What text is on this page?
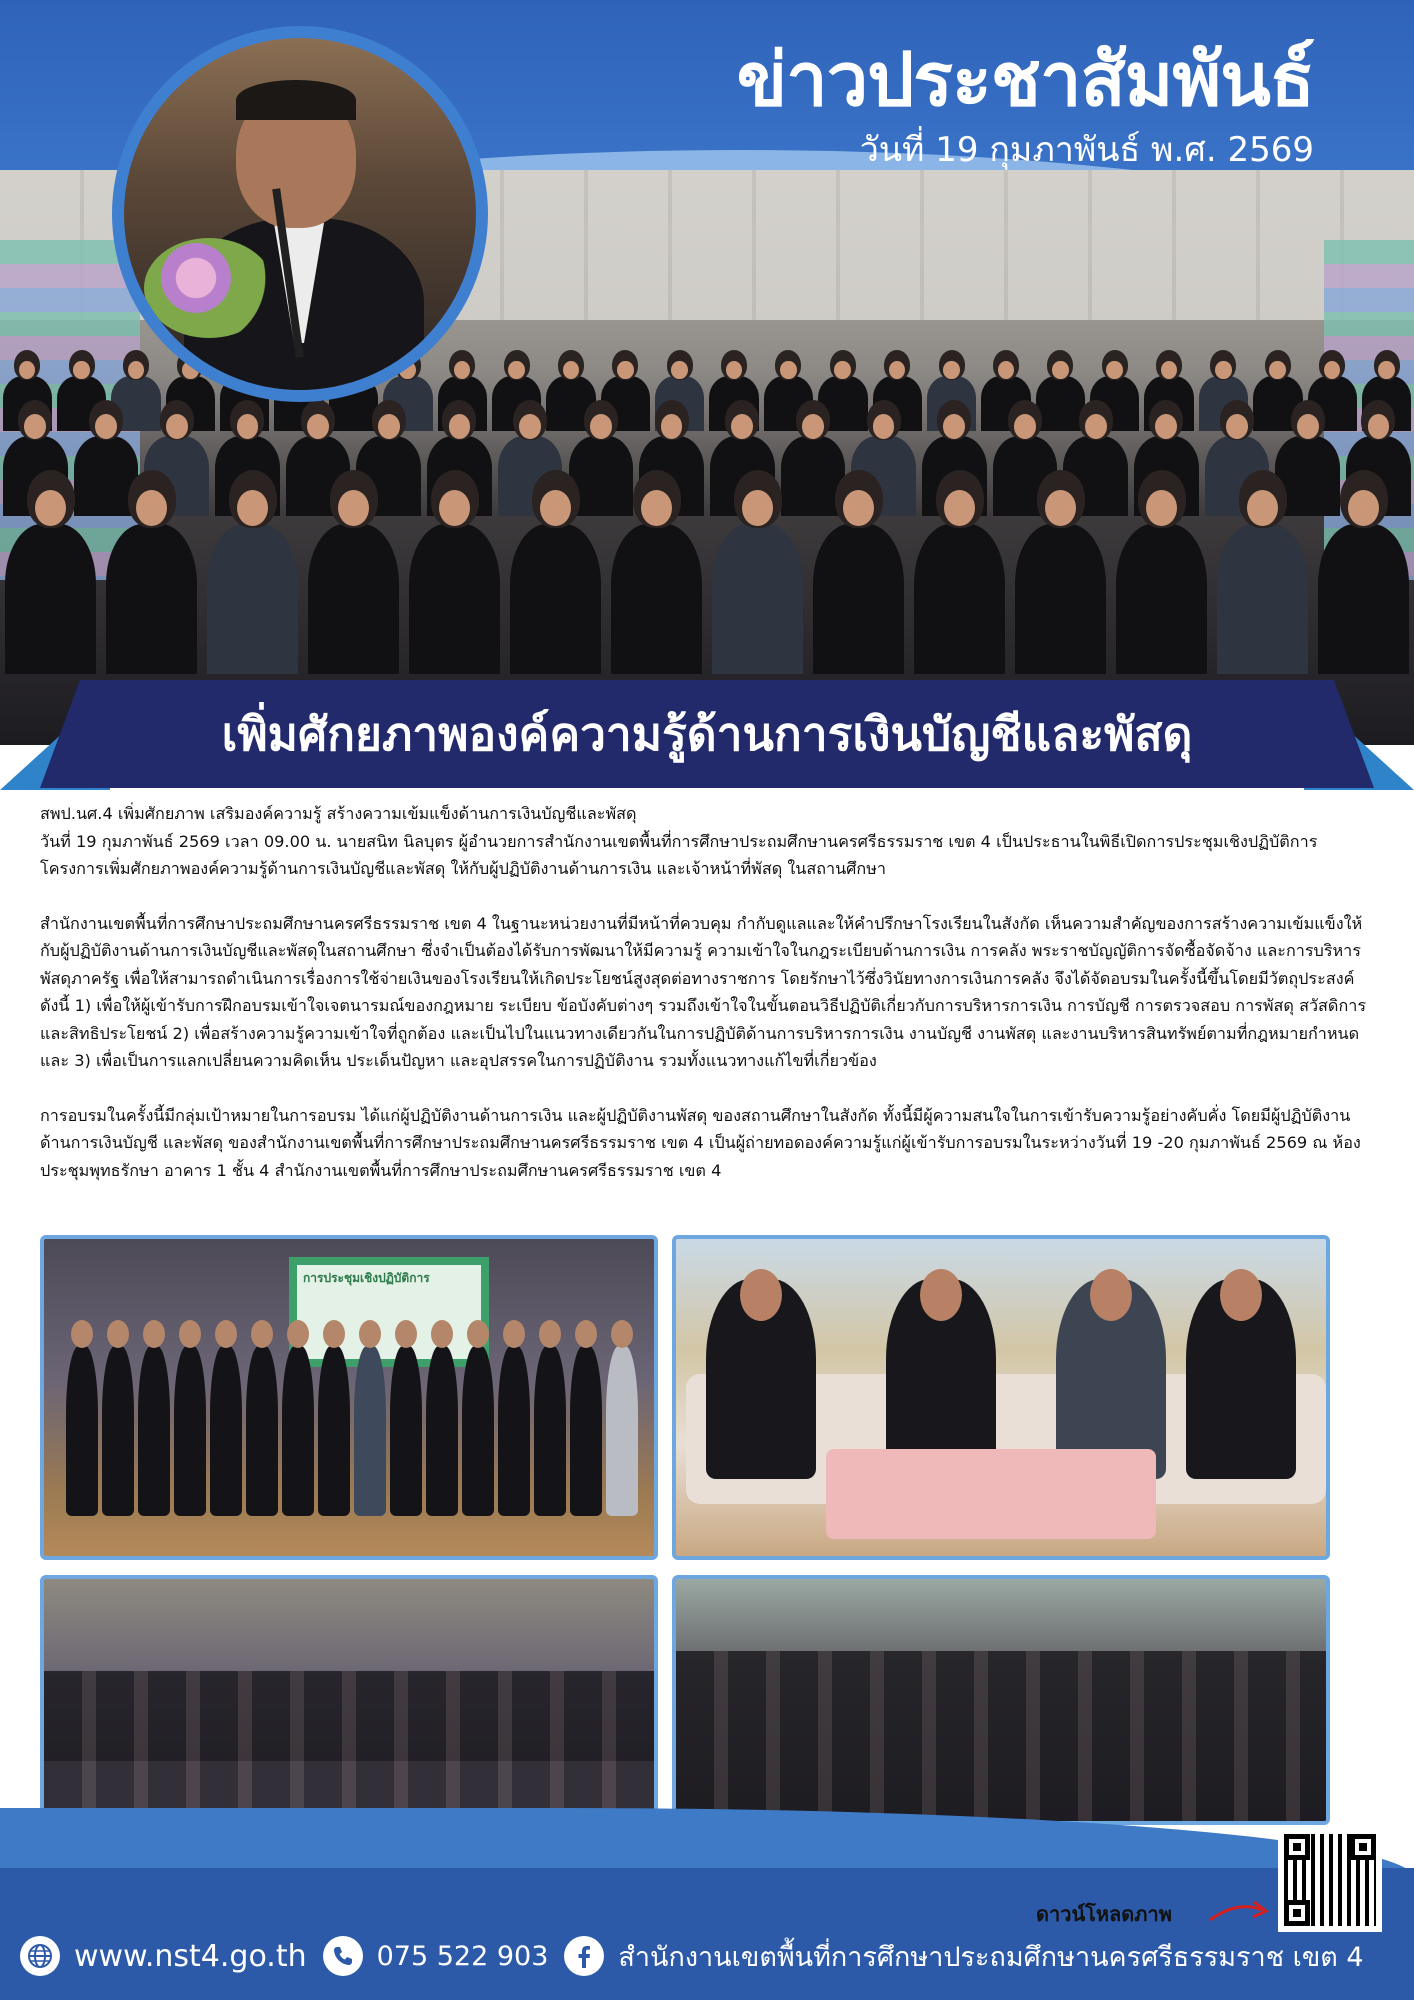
ข่าวประชาสัมพันธ์
วันที่ 19 กุมภาพันธ์ พ.ศ. 2569
เพิ่มศักยภาพองค์ความรู้ด้านการเงินบัญชีและพัสดุ

สพป.นศ.4 เพิ่มศักยภาพ เสริมองค์ความรู้ สร้างความเข้มแข็งด้านการเงินบัญชีและพัสดุ

วันที่ 19 กุมภาพันธ์ 2569 เวลา 09.00 น. นายสนิท นิลบุตร ผู้อำนวยการสำนักงานเขตพื้นที่การศึกษาประถมศึกษานครศรีธรรมราช เขต 4 เป็นประธานในพิธีเปิดการประชุมเชิงปฏิบัติการโครงการเพิ่มศักยภาพองค์ความรู้ด้านการเงินบัญชีและพัสดุ ให้กับผู้ปฏิบัติงานด้านการเงิน และเจ้าหน้าที่พัสดุ ในสถานศึกษา

สำนักงานเขตพื้นที่การศึกษาประถมศึกษานครศรีธรรมราช เขต 4 ในฐานะหน่วยงานที่มีหน้าที่ควบคุม กำกับดูแลและให้คำปรึกษาโรงเรียนในสังกัด เห็นความสำคัญของการสร้างความเข้มแข็งให้กับผู้ปฏิบัติงานด้านการเงินบัญชีและพัสดุในสถานศึกษา ซึ่งจำเป็นต้องได้รับการพัฒนาให้มีความรู้ ความเข้าใจในกฎระเบียบด้านการเงิน การคลัง พระราชบัญญัติการจัดซื้อจัดจ้าง และการบริหารพัสดุภาครัฐ เพื่อให้สามารถดำเนินการเรื่องการใช้จ่ายเงินของโรงเรียนให้เกิดประโยชน์สูงสุดต่อทางราชการ โดยรักษาไว้ซึ่งวินัยทางการเงินการคลัง จึงได้จัดอบรมในครั้งนี้ขึ้นโดยมีวัตถุประสงค์ ดังนี้ 1) เพื่อให้ผู้เข้ารับการฝึกอบรมเข้าใจเจตนารมณ์ของกฎหมาย ระเบียบ ข้อบังคับต่างๆ รวมถึงเข้าใจในขั้นตอนวิธีปฏิบัติเกี่ยวกับการบริหารการเงิน การบัญชี การตรวจสอบ การพัสดุ สวัสดิการและสิทธิประโยชน์ 2) เพื่อสร้างความรู้ความเข้าใจที่ถูกต้อง และเป็นไปในแนวทางเดียวกันในการปฏิบัติด้านการบริหารการเงิน งานบัญชี งานพัสดุ และงานบริหารสินทรัพย์ตามที่กฎหมายกำหนด และ 3) เพื่อเป็นการแลกเปลี่ยนความคิดเห็น ประเด็นปัญหา และอุปสรรคในการปฏิบัติงาน รวมทั้งแนวทางแก้ไขที่เกี่ยวข้อง

การอบรมในครั้งนี้มีกลุ่มเป้าหมายในการอบรม ได้แก่ผู้ปฏิบัติงานด้านการเงิน และผู้ปฏิบัติงานพัสดุ ของสถานศึกษาในสังกัด ทั้งนี้มีผู้ความสนใจในการเข้ารับความรู้อย่างคับคั่ง โดยมีผู้ปฏิบัติงานด้านการเงินบัญชี และพัสดุ ของสำนักงานเขตพื้นที่การศึกษาประถมศึกษานครศรีธรรมราช เขต 4 เป็นผู้ถ่ายทอดองค์ความรู้แก่ผู้เข้ารับการอบรมในระหว่างวันที่ 19 -20 กุมภาพันธ์ 2569 ณ ห้องประชุมพุทธรักษา อาคาร 1 ชั้น 4 สำนักงานเขตพื้นที่การศึกษาประถมศึกษานครศรีธรรมราช เขต 4

การประชุมเชิงปฏิบัติการ
ดาวน์โหลดภาพ
www.nst4.go.th	075 522 903	สำนักงานเขตพื้นที่การศึกษาประถมศึกษานครศรีธรรมราช เขต 4
